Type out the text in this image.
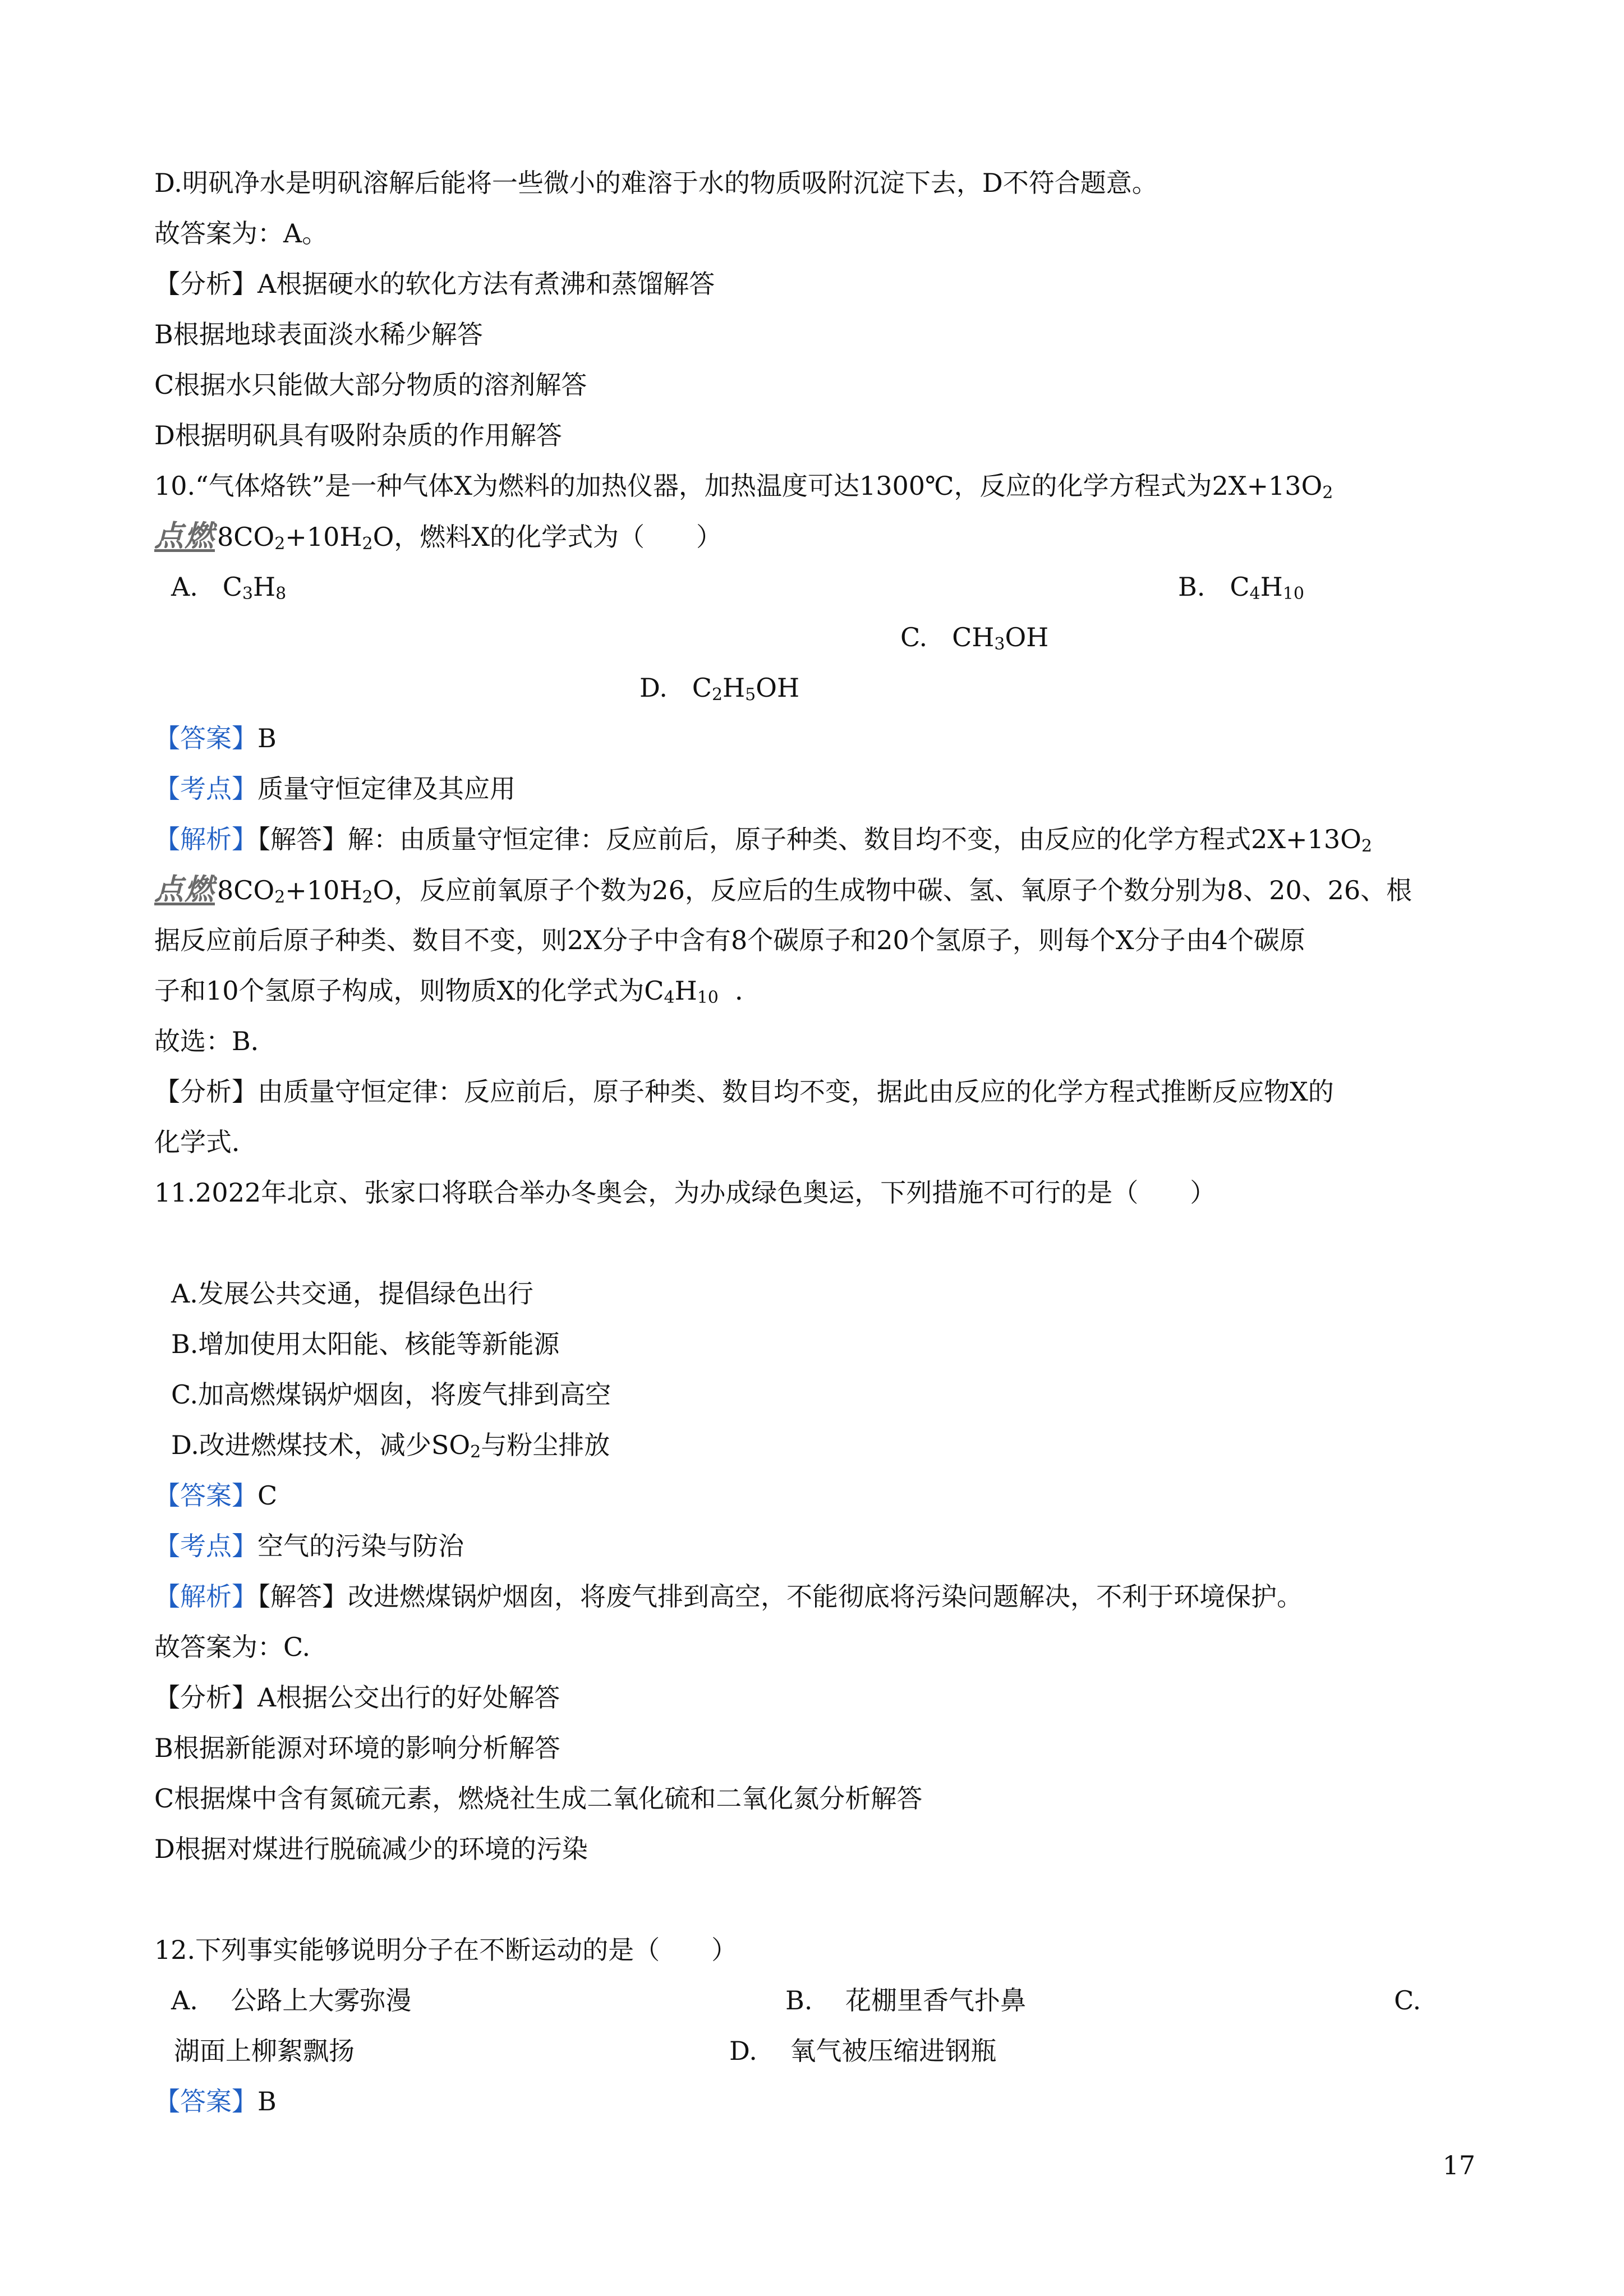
D.明矾净水是明矾溶解后能将一些微小的难溶于水的物质吸附沉淀下去，D不符合题意。
故答案为：A。
【分析】A根据硬水的软化方法有煮沸和蒸馏解答
B根据地球表面淡水稀少解答
C根据水只能做大部分物质的溶剂解答
D根据明矾具有吸附杂质的作用解答
10.“气体烙铁”是一种气体X为燃料的加热仪器，加热温度可达1300℃，反应的化学方程式为$2X+13O_2$
点燃$8CO_2+10H_2O$，燃料X的化学式为（　　）
A. $C_3H_8$	B. $C_4H_{10}$
C. $CH_3OH$
D. $C_2H_5OH$
【答案】B
【考点】质量守恒定律及其应用
【解析】【解答】解：由质量守恒定律：反应前后，原子种类、数目均不变，由反应的化学方程式$2X+13O_2$
点燃$8CO_2+10H_2O$，反应前氧原子个数为26，反应后的生成物中碳、氢、氧原子个数分别为8、20、26、根
据反应前后原子种类、数目不变，则2X分子中含有8个碳原子和20个氢原子，则每个X分子由4个碳原
子和10个氢原子构成，则物质X的化学式为$C_4H_{10}$ ．
故选：B．
【分析】由质量守恒定律：反应前后，原子种类、数目均不变，据此由反应的化学方程式推断反应物X的
化学式．
11.2022年北京、张家口将联合举办冬奥会，为办成绿色奥运，下列措施不可行的是（　　）
A.发展公共交通，提倡绿色出行
B.增加使用太阳能、核能等新能源
C.加高燃煤锅炉烟囱，将废气排到高空
D.改进燃煤技术，减少$SO_2$与粉尘排放
【答案】C
【考点】空气的污染与防治
【解析】【解答】改进燃煤锅炉烟囱，将废气排到高空，不能彻底将污染问题解决，不利于环境保护。
故答案为：C.
【分析】A根据公交出行的好处解答
B根据新能源对环境的影响分析解答
C根据煤中含有氮硫元素，燃烧社生成二氧化硫和二氧化氮分析解答
D根据对煤进行脱硫减少的环境的污染
12.下列事实能够说明分子在不断运动的是（　　）
A. 公路上大雾弥漫	B. 花棚里香气扑鼻	C.
湖面上柳絮飘扬	D. 氧气被压缩进钢瓶
【答案】B
17
